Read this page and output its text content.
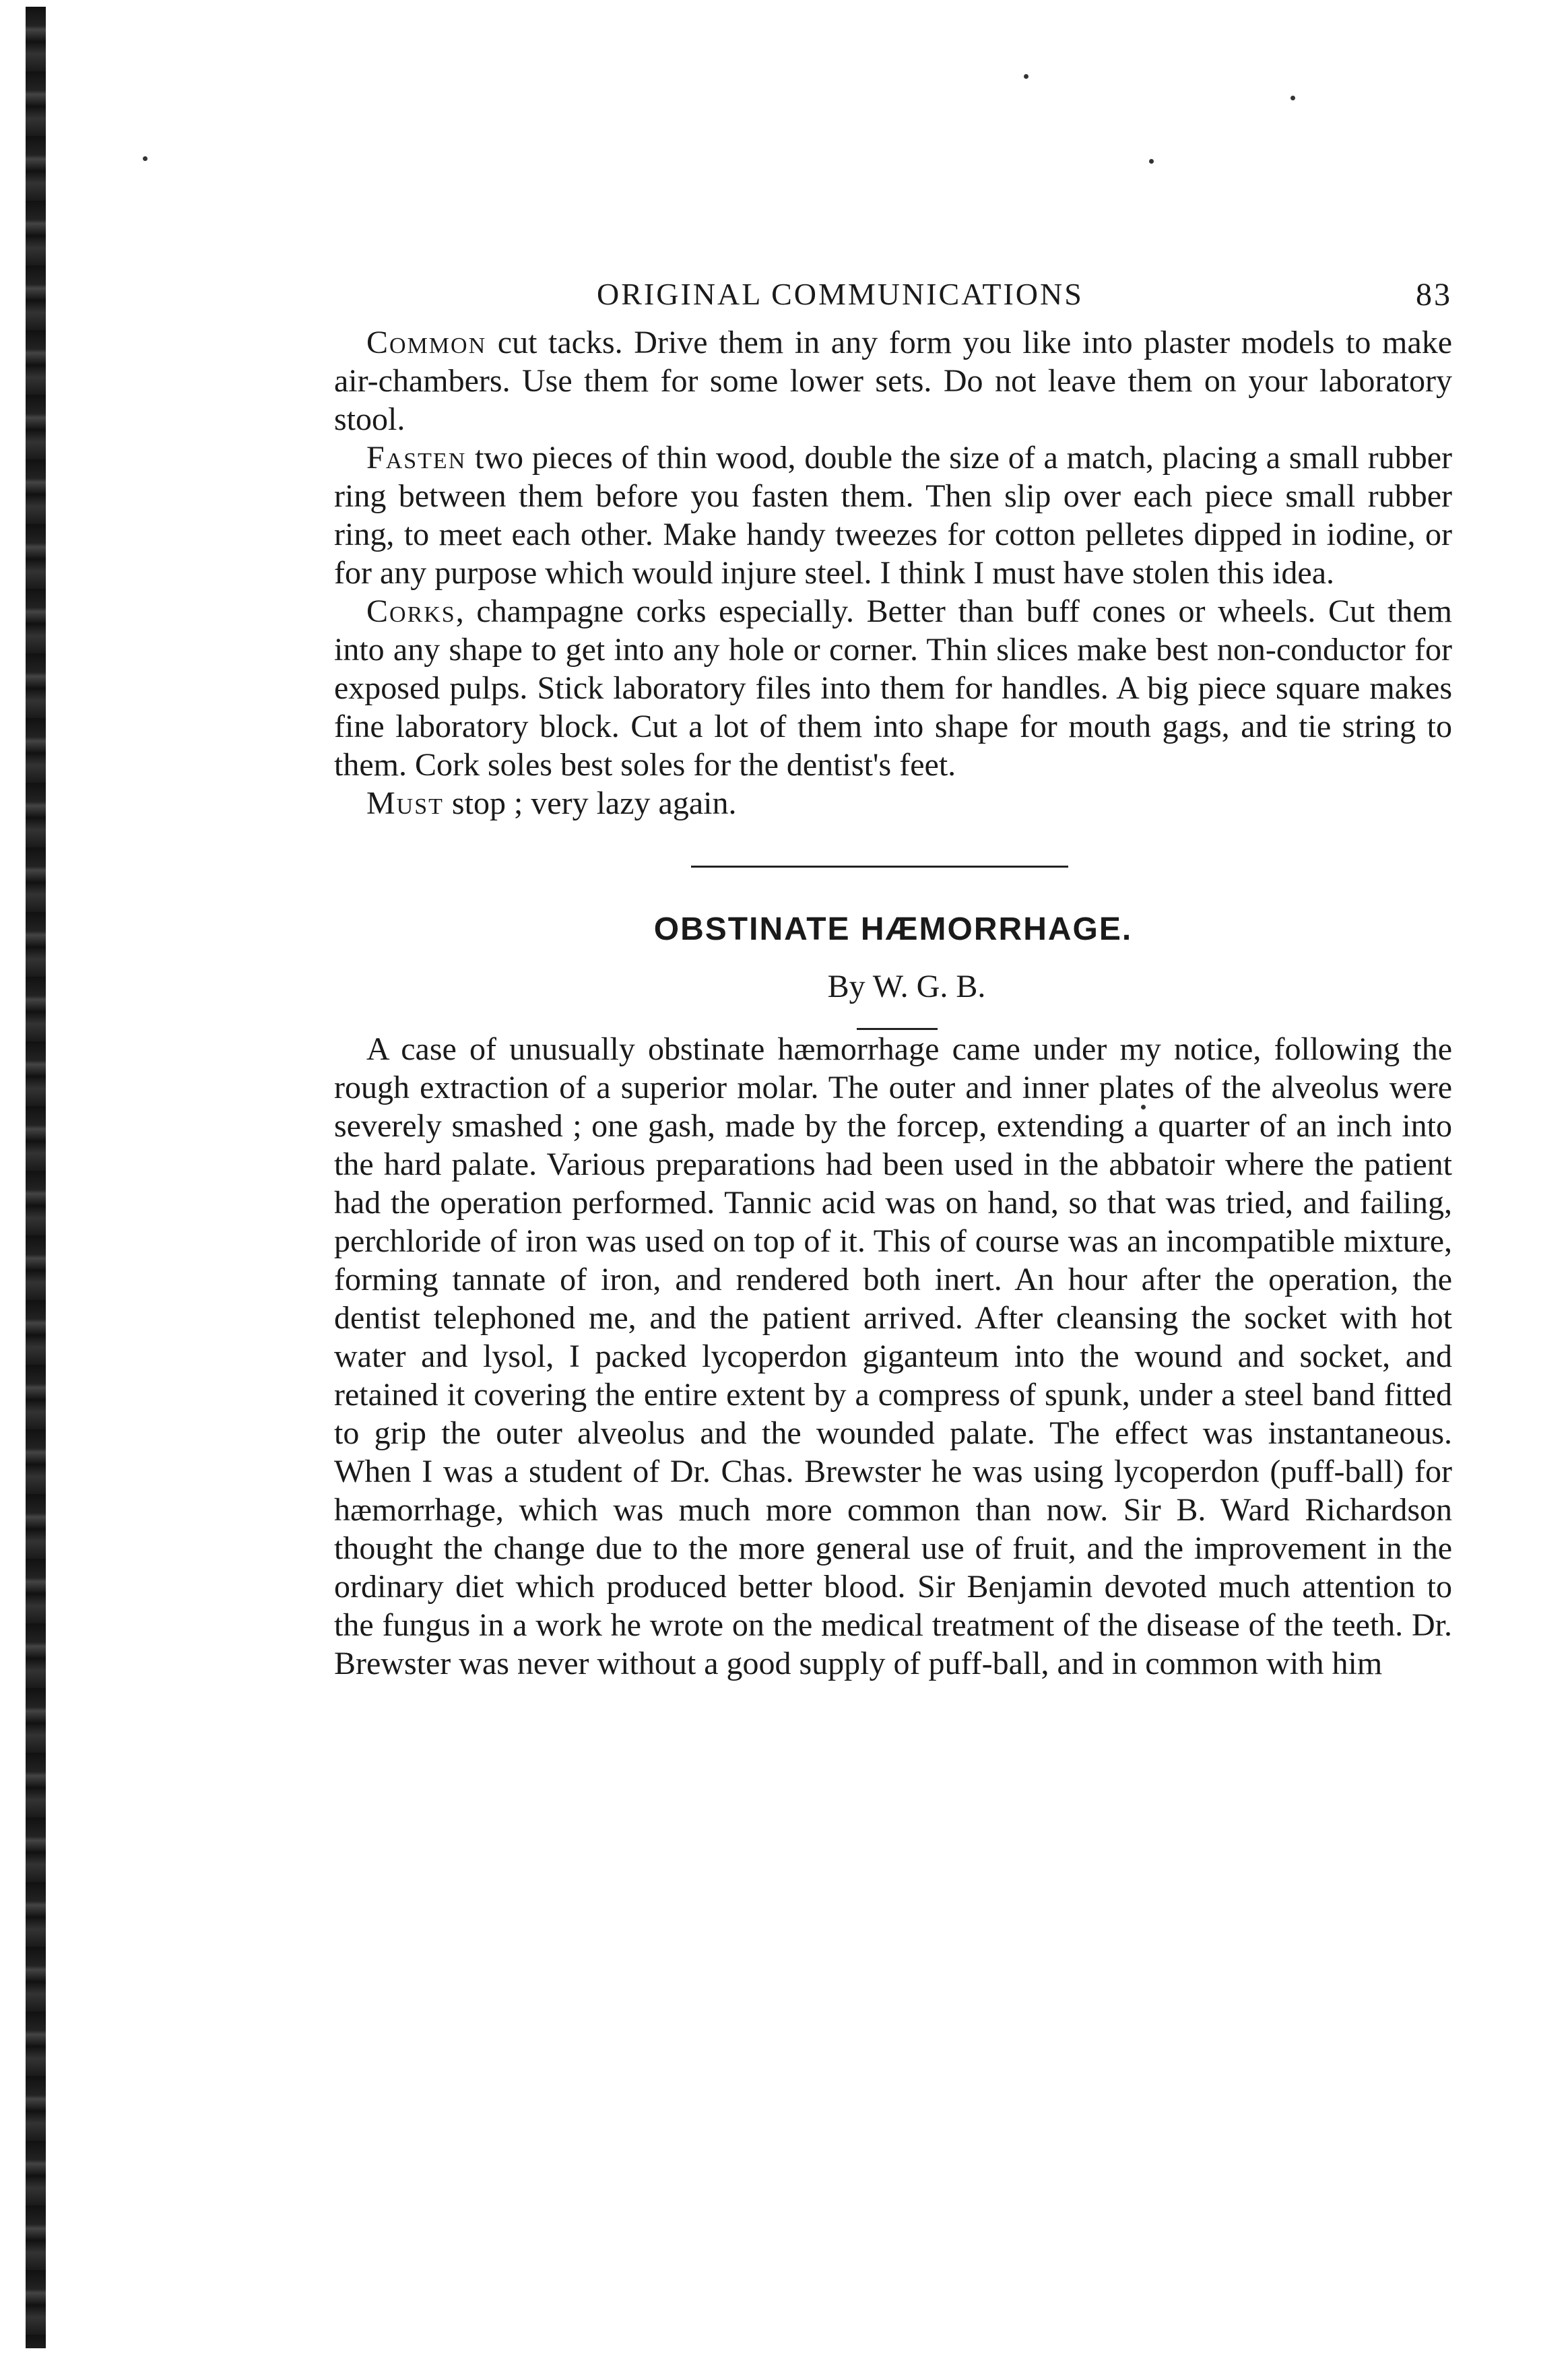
ORIGINAL COMMUNICATIONS	83

Common cut tacks. Drive them in any form you like into plaster models to make air-chambers. Use them for some lower sets. Do not leave them on your laboratory stool.

Fasten two pieces of thin wood, double the size of a match, placing a small rubber ring between them before you fasten them. Then slip over each piece small rubber ring, to meet each other. Make handy tweezes for cotton pelletes dipped in iodine, or for any purpose which would injure steel. I think I must have stolen this idea.

Corks, champagne corks especially. Better than buff cones or wheels. Cut them into any shape to get into any hole or corner. Thin slices make best non-conductor for exposed pulps. Stick laboratory files into them for handles. A big piece square makes fine laboratory block. Cut a lot of them into shape for mouth gags, and tie string to them. Cork soles best soles for the dentist's feet.

Must stop ; very lazy again.

OBSTINATE HÆMORRHAGE.
By W. G. B.

A case of unusually obstinate hæmorrhage came under my notice, following the rough extraction of a superior molar. The outer and inner plates of the alveolus were severely smashed ; one gash, made by the forcep, extending a quarter of an inch into the hard palate. Various preparations had been used in the abbatoir where the patient had the operation performed. Tannic acid was on hand, so that was tried, and failing, perchloride of iron was used on top of it. This of course was an incompatible mixture, forming tannate of iron, and rendered both inert. An hour after the operation, the dentist telephoned me, and the patient arrived. After cleansing the socket with hot water and lysol, I packed lycoperdon giganteum into the wound and socket, and retained it covering the entire extent by a compress of spunk, under a steel band fitted to grip the outer alveolus and the wounded palate. The effect was instantaneous. When I was a student of Dr. Chas. Brewster he was using lycoperdon (puff-ball) for hæmorrhage, which was much more common than now. Sir B. Ward Richardson thought the change due to the more general use of fruit, and the improvement in the ordinary diet which produced better blood. Sir Benjamin devoted much attention to the fungus in a work he wrote on the medical treatment of the disease of the teeth. Dr. Brewster was never without a good supply of puff-ball, and in common with him
